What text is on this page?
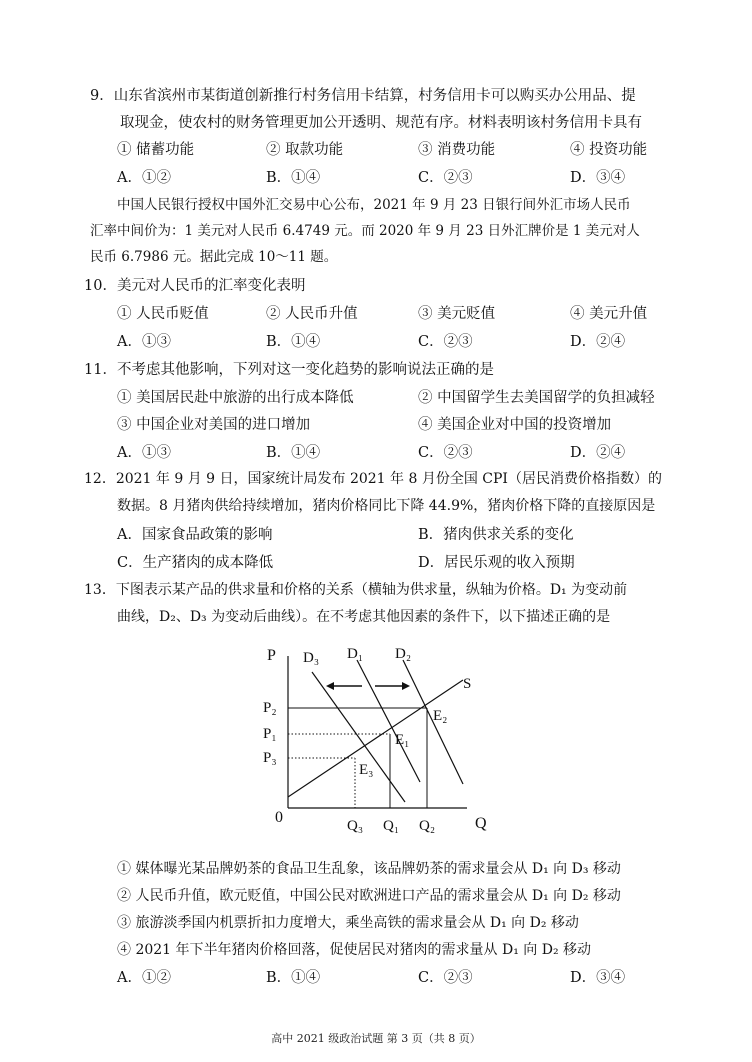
9．山东省滨州市某街道创新推行村务信用卡结算，村务信用卡可以购买办公用品、提
取现金，使农村的财务管理更加公开透明、规范有序。材料表明该村务信用卡具有
① 储蓄功能	② 取款功能	③ 消费功能	④ 投资功能
A．①②	B．①④	C．②③	D．③④
中国人民银行授权中国外汇交易中心公布，2021 年 9 月 23 日银行间外汇市场人民币
汇率中间价为：1 美元对人民币 6.4749 元。而 2020 年 9 月 23 日外汇牌价是 1 美元对人
民币 6.7986 元。据此完成 10～11 题。
10．美元对人民币的汇率变化表明
① 人民币贬值	② 人民币升值	③ 美元贬值	④ 美元升值
A．①③	B．①④	C．②③	D．②④
11．不考虑其他影响，下列对这一变化趋势的影响说法正确的是
① 美国居民赴中旅游的出行成本降低	② 中国留学生去美国留学的负担减轻
③ 中国企业对美国的进口增加	④ 美国企业对中国的投资增加
A．①③	B．①④	C．②③	D．②④
12．2021 年 9 月 9 日，国家统计局发布 2021 年 8 月份全国 CPI（居民消费价格指数）的
数据。8 月猪肉供给持续增加，猪肉价格同比下降 44.9%，猪肉价格下降的直接原因是
A．国家食品政策的影响	B．猪肉供求关系的变化
C．生产猪肉的成本降低	D．居民乐观的收入预期
13．下图表示某产品的供求量和价格的关系（横轴为供求量，纵轴为价格。D₁ 为变动前
曲线，D₂、D₃ 为变动后曲线）。在不考虑其他因素的条件下，以下描述正确的是
P
Q
0
S
D₃ D₁ D₂
P₂
P₁
P₃
Q₃ Q₁ Q₂
E₂
E₁
E₃
① 媒体曝光某品牌奶茶的食品卫生乱象，该品牌奶茶的需求量会从 D₁ 向 D₃ 移动
② 人民币升值，欧元贬值，中国公民对欧洲进口产品的需求量会从 D₁ 向 D₂ 移动
③ 旅游淡季国内机票折扣力度增大，乘坐高铁的需求量会从 D₁ 向 D₂ 移动
④ 2021 年下半年猪肉价格回落，促使居民对猪肉的需求量从 D₁ 向 D₂ 移动
A．①②	B．①④	C．②③	D．③④
高中 2021 级政治试题 第 3 页（共 8 页）
